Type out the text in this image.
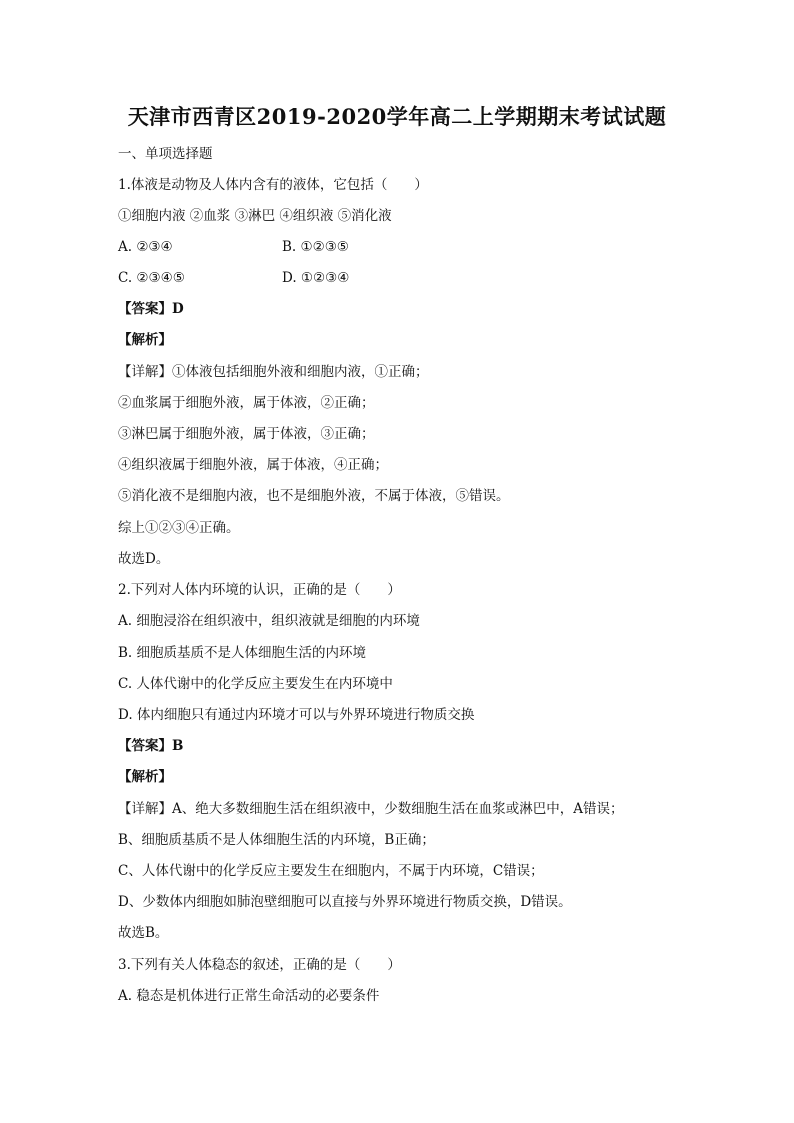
天津市西青区2019-2020学年高二上学期期末考试试题
一、单项选择题
1.体液是动物及人体内含有的液体，它包括（　　）
①细胞内液 ②血浆 ③淋巴 ④组织液 ⑤消化液
A. ②③④	B. ①②③⑤
C. ②③④⑤	D. ①②③④
【答案】D
【解析】
【详解】①体液包括细胞外液和细胞内液，①正确；
②血浆属于细胞外液，属于体液，②正确；
③淋巴属于细胞外液，属于体液，③正确；
④组织液属于细胞外液，属于体液，④正确；
⑤消化液不是细胞内液，也不是细胞外液，不属于体液，⑤错误。
综上①②③④正确。
故选D。
2.下列对人体内环境的认识，正确的是（　　）
A. 细胞浸浴在组织液中，组织液就是细胞的内环境
B. 细胞质基质不是人体细胞生活的内环境
C. 人体代谢中的化学反应主要发生在内环境中
D. 体内细胞只有通过内环境才可以与外界环境进行物质交换
【答案】B
【解析】
【详解】A、绝大多数细胞生活在组织液中，少数细胞生活在血浆或淋巴中，A错误；
B、细胞质基质不是人体细胞生活的内环境，B正确；
C、人体代谢中的化学反应主要发生在细胞内，不属于内环境，C错误；
D、少数体内细胞如肺泡壁细胞可以直接与外界环境进行物质交换，D错误。
故选B。
3.下列有关人体稳态的叙述，正确的是（　　）
A. 稳态是机体进行正常生命活动的必要条件
